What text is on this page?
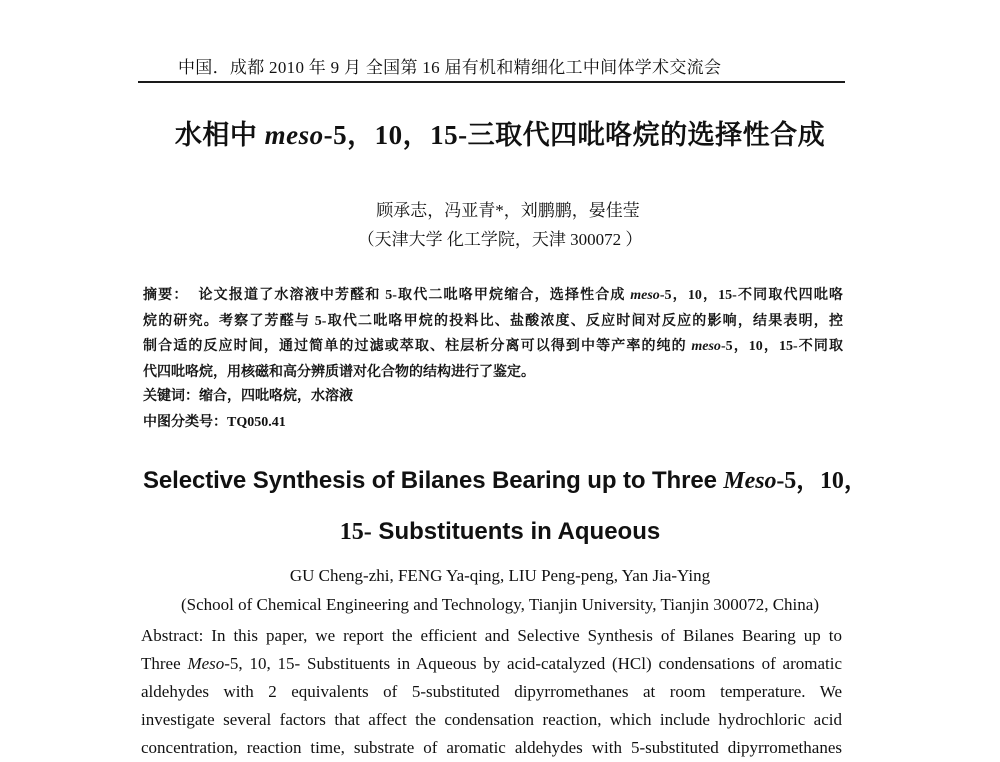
中国．成都 2010 年 9 月 全国第 16 届有机和精细化工中间体学术交流会
水相中 meso-5，10，15-三取代四吡咯烷的选择性合成
顾承志，冯亚青*，刘鹏鹏，晏佳莹
（天津大学 化工学院，天津 300072 ）
摘要： 论文报道了水溶液中芳醛和 5-取代二吡咯甲烷缩合，选择性合成 meso-5，10，15-不同取代四吡咯
烷的研究。考察了芳醛与 5-取代二吡咯甲烷的投料比、盐酸浓度、反应时间对反应的影响，结果表明，控
制合适的反应时间，通过简单的过滤或萃取、柱层析分离可以得到中等产率的纯的 meso-5，10，15-不同取
代四吡咯烷，用核磁和高分辨质谱对化合物的结构进行了鉴定。
关键词：缩合，四吡咯烷，水溶液
中图分类号：TQ050.41
Selective Synthesis of Bilanes Bearing up to Three Meso-5，10，
15- Substituents in Aqueous
GU Cheng-zhi, FENG Ya-qing, LIU Peng-peng, Yan Jia-Ying
(School of Chemical Engineering and Technology, Tianjin University, Tianjin 300072, China)
Abstract: In this paper, we report the efficient and Selective Synthesis of Bilanes Bearing up to
Three Meso-5, 10, 15- Substituents in Aqueous by acid-catalyzed (HCl) condensations of aromatic
aldehydes with 2 equivalents of 5-substituted dipyrromethanes at room temperature. We
investigate several factors that affect the condensation reaction, which include hydrochloric acid
concentration, reaction time, substrate of aromatic aldehydes with 5-substituted dipyrromethanes
